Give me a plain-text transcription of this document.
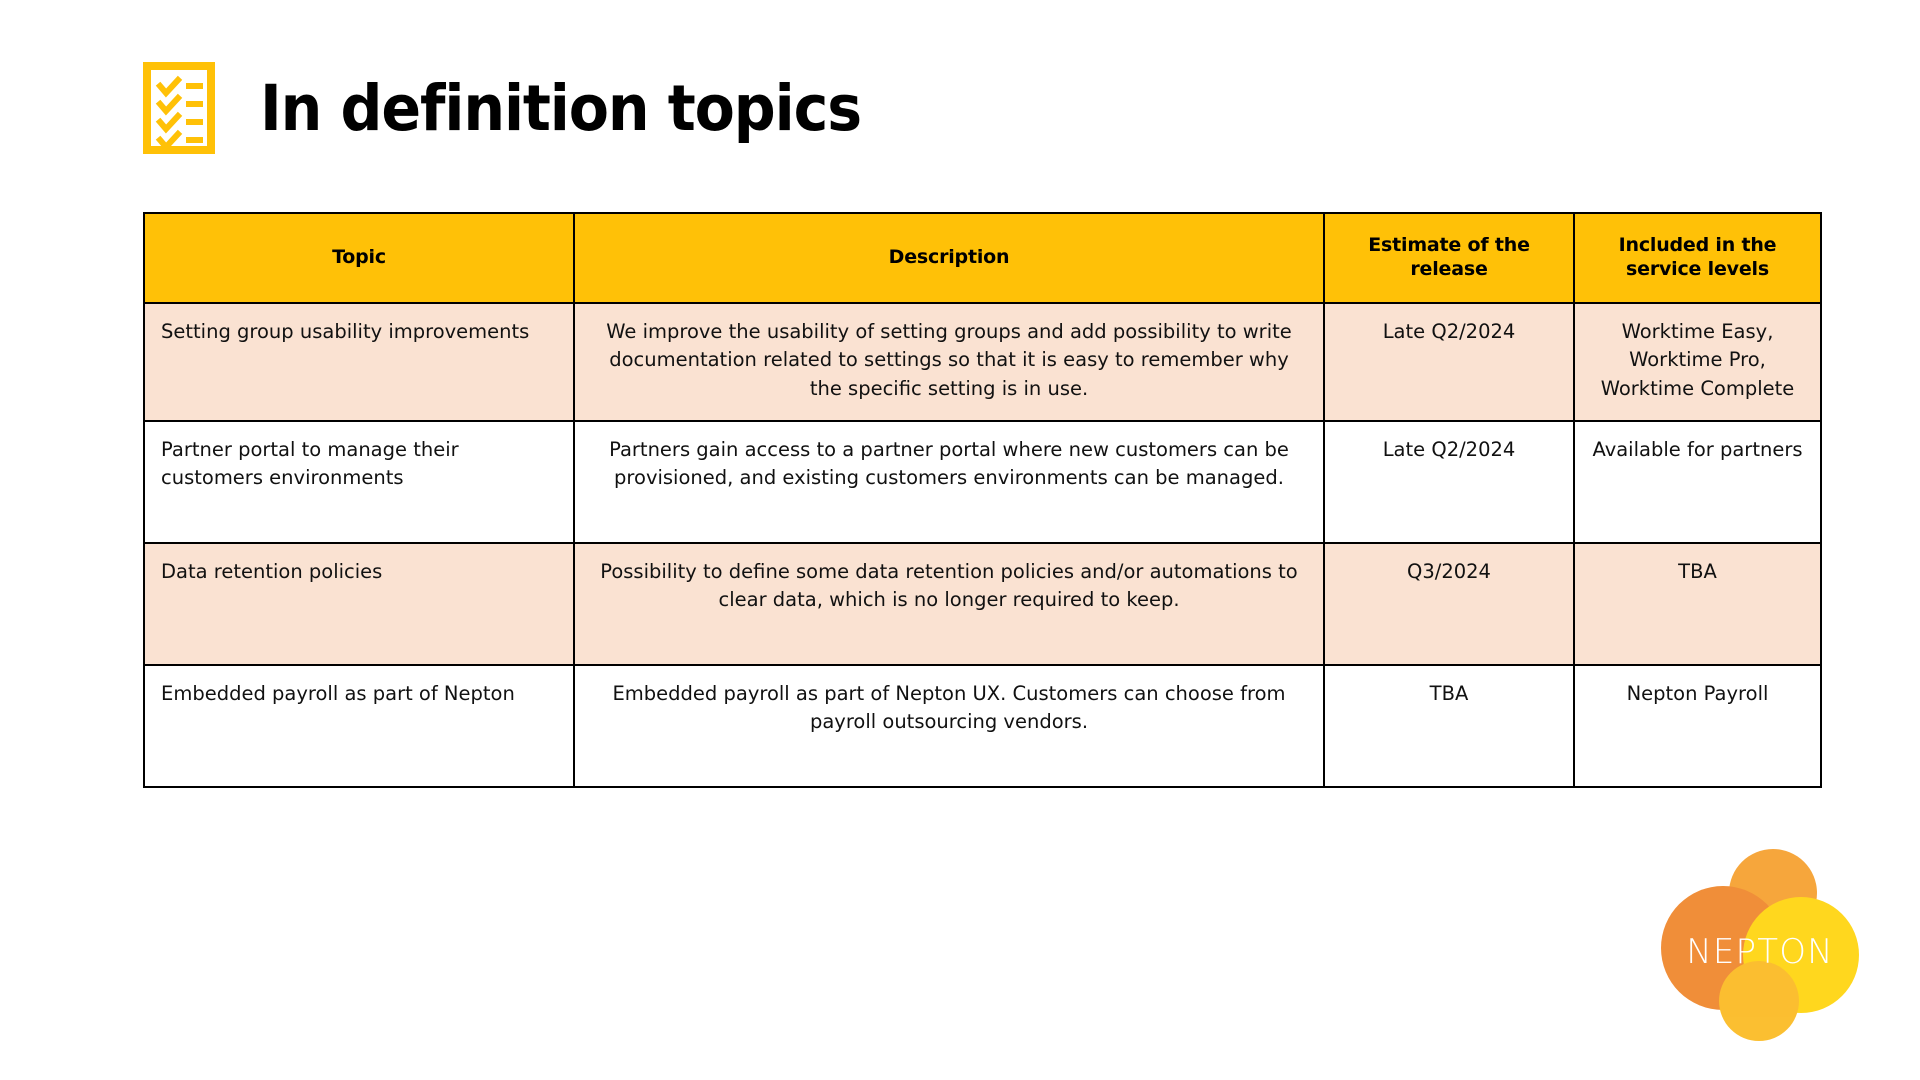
In definition topics
Topic	Description	Estimate of the release	Included in the service levels
Setting group usability improvements	We improve the usability of setting groups and add possibility to write documentation related to settings so that it is easy to remember why the specific setting is in use.	Late Q2/2024	Worktime Easy, Worktime Pro, Worktime Complete
Partner portal to manage their customers environments	Partners gain access to a partner portal where new customers can be provisioned, and existing customers environments can be managed.	Late Q2/2024	Available for partners
Data retention policies	Possibility to define some data retention policies and/or automations to clear data, which is no longer required to keep.	Q3/2024	TBA
Embedded payroll as part of Nepton	Embedded payroll as part of Nepton UX. Customers can choose from payroll outsourcing vendors.	TBA	Nepton Payroll
NEPTON
